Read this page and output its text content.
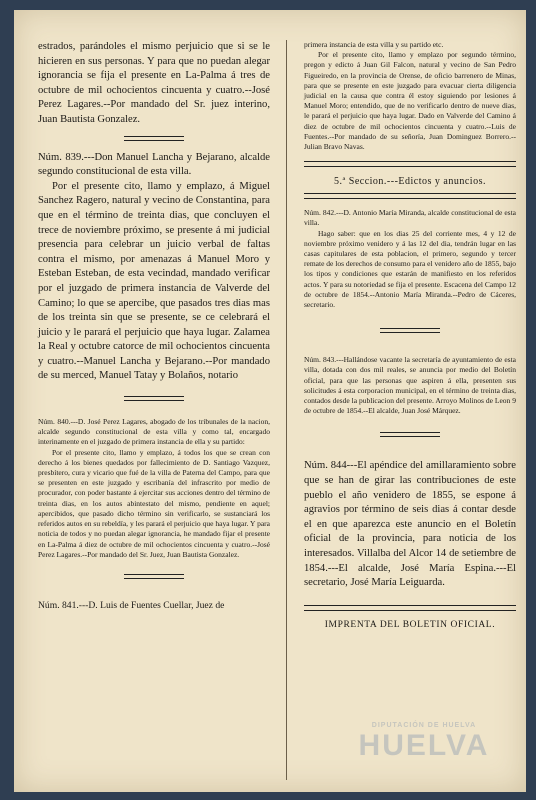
estrados, parándoles el mismo perjuicio que si se le hicieren en sus personas. Y para que no puedan alegar ignorancia se fija el presente en La-Palma á tres de octubre de mil ochocientos cincuenta y cuatro.--José Perez Lagares.--Por mandado del Sr. juez interino, Juan Bautista Gonzalez.

Núm. 839.---Don Manuel Lancha y Bejarano, alcalde segundo constitucional de esta villa.

Por el presente cito, llamo y emplazo, á Miguel Sanchez Ragero, natural y vecino de Constantina, para que en el término de treinta dias, que concluyen el trece de noviembre próximo, se presente á mi judicial presencia para celebrar un juicio verbal de faltas contra el mismo, por amenazas á Manuel Moro y Esteban Esteban, de esta vecindad, mandado verificar por el juzgado de primera instancia de Valverde del Camino; lo que se apercibe, que pasados tres dias mas de los treinta sin que se presente, se ce celebrará el juicio y le parará el perjuicio que haya lugar. Zalamea la Real y octubre catorce de mil ochocientos cincuenta y cuatro.--Manuel Lancha y Bejarano.--Por mandado de su merced, Manuel Tatay y Bolaños, notario

Núm. 840.---D. José Perez Lagares, abogado de los tribunales de la nacion, alcalde segundo constitucional de esta villa y como tal, encargado interinamente en el juzgado de primera instancia de ella y su partido:

Por el presente cito, llamo y emplazo, á todos los que se crean con derecho á los bienes quedados por fallecimiento de D. Santiago Vazquez, presbítero, cura y vicario que fué de la villa de Paterna del Campo, para que se presenten en este juzgado y escribanía del infrascrito por medio de procurador, con poder bastante á ejercitar sus acciones dentro del término de treinta dias, en los autos abintestato del mismo, pendiente en aquel; apercibidos, que pasado dicho término sin verificarlo, se sustanciará los referidos autos en su rebeldía, y les parará el perjuicio que haya lugar. Y para noticia de todos y no puedan alegar ignorancia, he mandado fijar el presente en La-Palma á diez de octubre de mil ochocientos cincuenta y cuatro.--José Perez Lagares.--Por mandado del Sr. Juez, Juan Bautista Gonzalez.

Núm. 841.---D. Luis de Fuentes Cuellar, Juez de

primera instancia de esta villa y su partido etc.

Por el presente cito, llamo y emplazo por segundo término, pregon y edicto á Juan Gil Falcon, natural y vecino de San Pedro Figueiredo, en la provincia de Orense, de oficio barrenero de Minas, para que se presente en este juzgado para evacuar cierta diligencia judicial en la causa que contra él estoy siguiendo por lesiones á Manuel Moro; entendido, que de no verificarlo dentro de nueve dias, le parará el perjuicio que haya lugar. Dado en Valverde del Camino á diez de octubre de mil ochocientos cincuenta y cuatro.--Luis de Fuentes.--Por mandado de su señoría, Juan Dominguez Borrero.--Julian Bravo Navas.

5.ª Seccion.---Edictos y anuncios.

Núm. 842.---D. Antonio María Miranda, alcalde constitucional de esta villa.

Hago saber: que en los dias 25 del corriente mes, 4 y 12 de noviembre próximo venidero y á las 12 del dia, tendrán lugar en las casas capitulares de esta poblacion, el primero, segundo y tercer remate de los derechos de consumo para el venidero año de 1855, bajo los tipos y condiciones que estarán de manifiesto en los referidos actos. Y para su notoriedad se fija el presente. Escacena del Campo 12 de octubre de 1854.--Antonio María Miranda.--Pedro de Cáceres, secretario.

Núm. 843.---Hallándose vacante la secretaría de ayuntamiento de esta villa, dotada con dos mil reales, se anuncia por medio del Boletín oficial, para que las personas que aspiren á ella, presenten sus solicitudes á esta corporacion municipal, en el término de treinta dias, contados desde la publicacion del presente. Arroyo Molinos de Leon 9 de octubre de 1854.--El alcalde, Juan José Márquez.

Núm. 844---El apéndice del amillaramiento sobre que se han de girar las contribuciones de este pueblo el año venidero de 1855, se espone á agravios por término de seis dias á contar desde el en que aparezca este anuncio en el Boletín oficial de la provincia, para noticia de los interesados. Villalba del Alcor 14 de setiembre de 1854.---El alcalde, José María Espina.---El secretario, José María Leiguarda.

IMPRENTA DEL BOLETIN OFICIAL.
DIPUTACIÓN DE HUELVA
HUELVA
